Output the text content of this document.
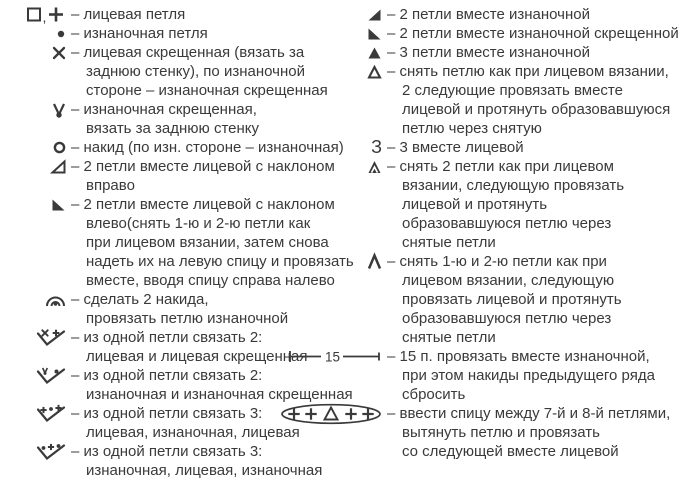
, – лицевая петля
– изнаночная петля
– лицевая скрещенная (вязать за
заднюю стенку), по изнаночной
стороне – изнаночная скрещенная
– изнаночная скрещенная,
вязать за заднюю стенку
– накид (по изн. стороне – изнаночная)
– 2 петли вместе лицевой с наклоном
вправо
– 2 петли вместе лицевой с наклоном
влево(снять 1-ю и 2-ю петли как
при лицевом вязании, затем снова
надеть их на левую спицу и провязать
вместе, вводя спицу справа налево
– сделать 2 накида,
провязать петлю изнаночной
– из одной петли связать 2:
лицевая и лицевая скрещенная
– из одной петли связать 2:
изнаночная и изнаночная скрещенная
– из одной петли связать 3:
лицевая, изнаночная, лицевая
– из одной петли связать 3:
изнаночная, лицевая, изнаночная
– 2 петли вместе изнаночной
– 2 петли вместе изнаночной скрещенной
– 3 петли вместе изнаночной
– снять петлю как при лицевом вязании,
2 следующие провязать вместе
лицевой и протянуть образовавшуюся
петлю через снятую
З – 3 вместе лицевой
– снять 2 петли как при лицевом
вязании, следующую провязать
лицевой и протянуть
образовавшуюся петлю через
снятые петли
– снять 1-ю и 2-ю петли как при
лицевом вязании, следующую
провязать лицевой и протянуть
образовавшуюся петлю через
снятые петли
15	– 15 п. провязать вместе изнаночной,
при этом накиды предыдущего ряда
сбросить
– ввести спицу между 7-й и 8-й петлями,
вытянуть петлю и провязать
со следующей вместе лицевой
